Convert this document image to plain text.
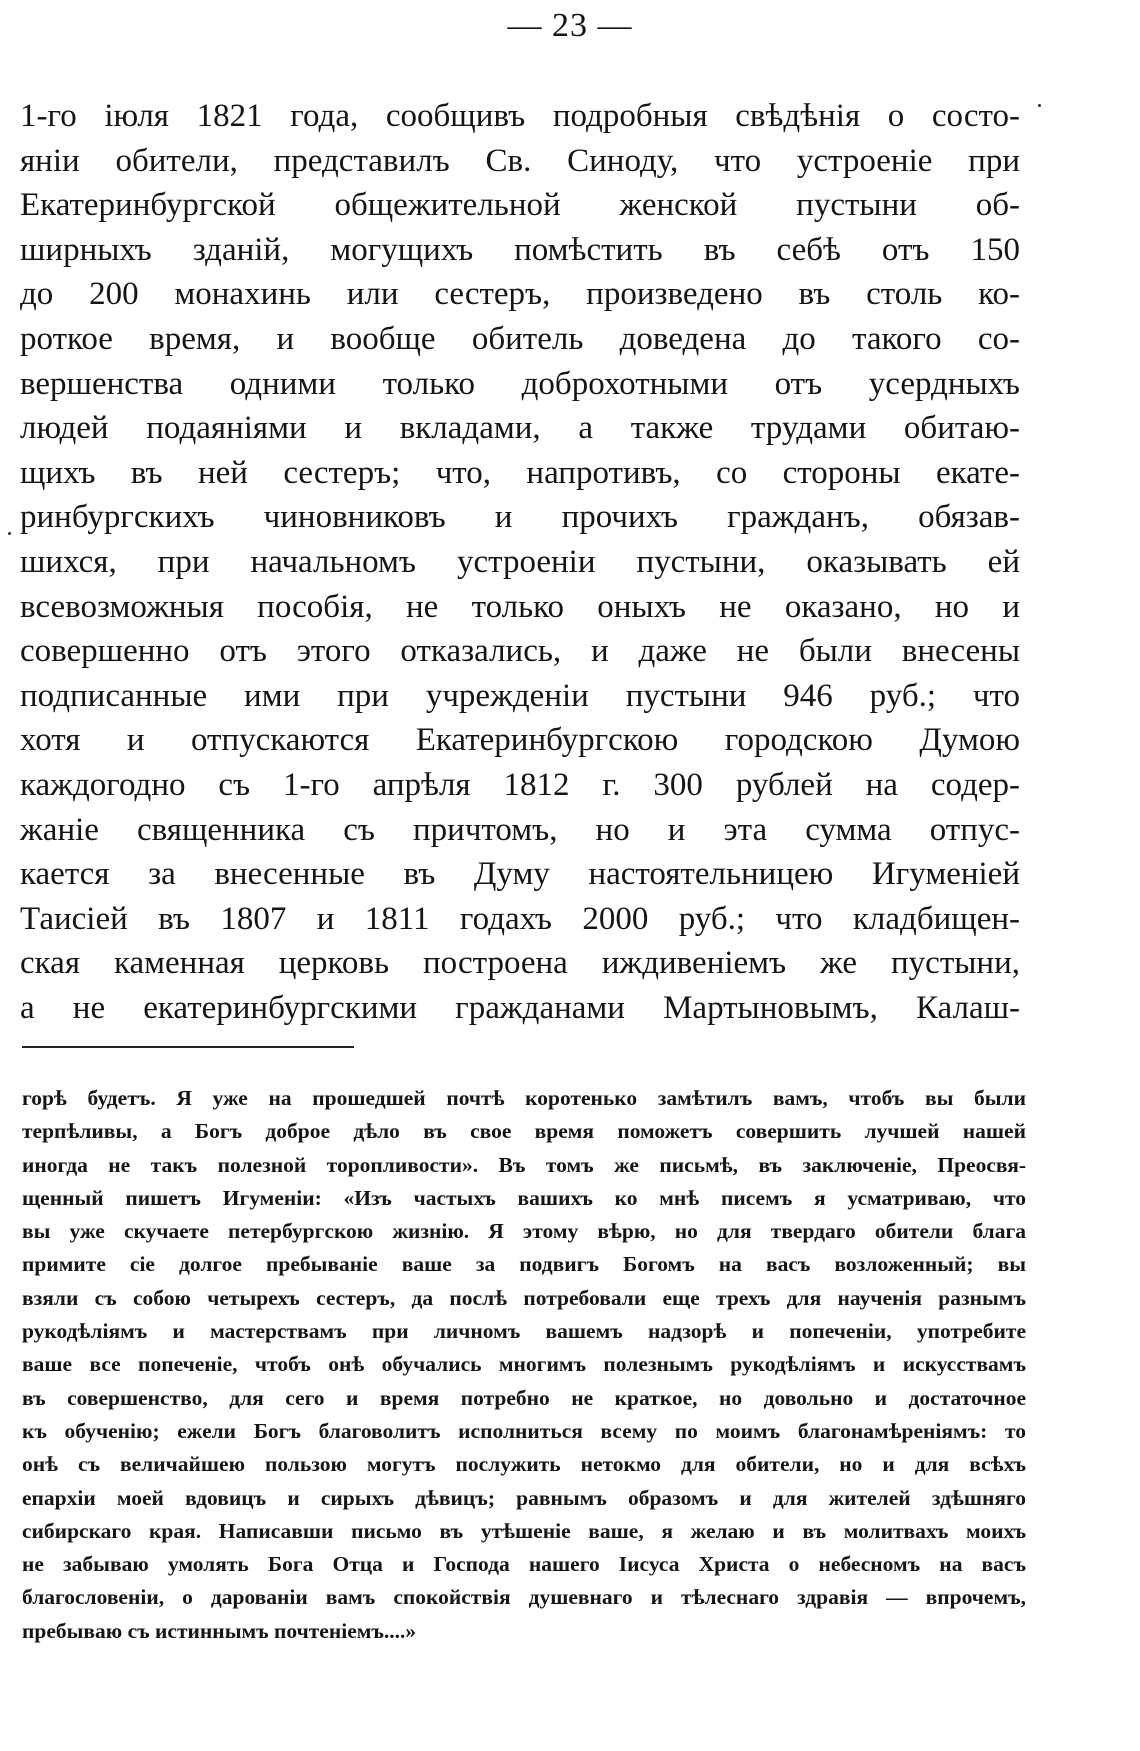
— 23 —
1-го іюля 1821 года, сообщивъ подробныя свѣдѣнія о состо-
яніи обители, представилъ Св. Синоду, что устроеніе при
Екатеринбургской общежительной женской пустыни об-
ширныхъ зданій, могущихъ помѣстить въ себѣ отъ 150
до 200 монахинь или сестеръ, произведено въ столь ко-
роткое время, и вообще обитель доведена до такого со-
вершенства одними только доброхотными отъ усердныхъ
людей подаяніями и вкладами, а также трудами обитаю-
щихъ въ ней сестеръ; что, напротивъ, со стороны екате-
ринбургскихъ чиновниковъ и прочихъ гражданъ, обязав-
шихся, при начальномъ устроеніи пустыни, оказывать ей
всевозможныя пособія, не только оныхъ не оказано, но и
совершенно отъ этого отказались, и даже не были внесены
подписанные ими при учрежденіи пустыни 946 руб.; что
хотя и отпускаются Екатеринбургскою городскою Думою
каждогодно съ 1-го апрѣля 1812 г. 300 рублей на содер-
жаніе священника съ причтомъ, но и эта сумма отпус-
кается за внесенные въ Думу настоятельницею Игуменіей
Таисіей въ 1807 и 1811 годахъ 2000 руб.; что кладбищен-
ская каменная церковь построена иждивеніемъ же пустыни,
а не екатеринбургскими гражданами Мартыновымъ, Калаш-
горѣ будетъ. Я уже на прошедшей почтѣ коротенько замѣтилъ вамъ, чтобъ вы были
терпѣливы, а Богъ доброе дѣло въ свое время поможетъ совершить лучшей нашей
иногда не такъ полезной торопливости». Въ томъ же письмѣ, въ заключеніе, Преосвя-
щенный пишетъ Игуменіи: «Изъ частыхъ вашихъ ко мнѣ писемъ я усматриваю, что
вы уже скучаете петербургскою жизнію. Я этому вѣрю, но для твердаго обители блага
примите сіе долгое пребываніе ваше за подвигъ Богомъ на васъ возложенный; вы
взяли съ собою четырехъ сестеръ, да послѣ потребовали еще трехъ для наученія разнымъ
рукодѣліямъ и мастерствамъ при личномъ вашемъ надзорѣ и попеченіи, употребите
ваше все попеченіе, чтобъ онѣ обучались многимъ полезнымъ рукодѣліямъ и искусствамъ
въ совершенство, для сего и время потребно не краткое, но довольно и достаточное
къ обученію; ежели Богъ благоволитъ исполниться всему по моимъ благонамѣреніямъ: то
онѣ съ величайшею пользою могутъ послужить нетокмо для обители, но и для всѣхъ
епархіи моей вдовицъ и сирыхъ дѣвицъ; равнымъ образомъ и для жителей здѣшняго
сибирскаго края. Написавши письмо въ утѣшеніе ваше, я желаю и въ молитвахъ моихъ
не забываю умолять Бога Отца и Господа нашего Іисуса Христа о небесномъ на васъ
благословеніи, о дарованіи вамъ спокойствія душевнаго и тѣлеснаго здравія — впрочемъ,
пребываю съ истиннымъ почтеніемъ....»
